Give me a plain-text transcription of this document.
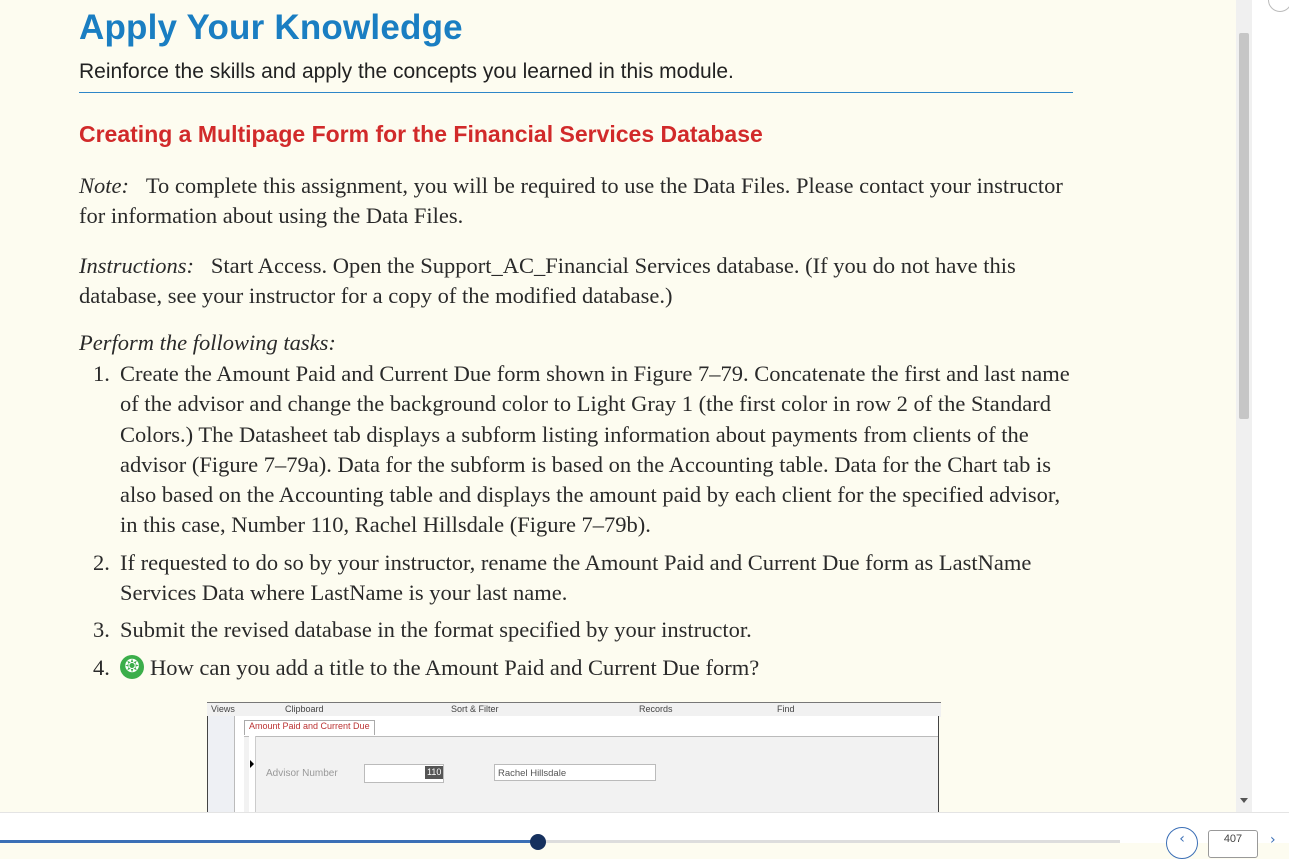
Apply Your Knowledge
Reinforce the skills and apply the concepts you learned in this module.
Creating a Multipage Form for the Financial Services Database
Note: To complete this assignment, you will be required to use the Data Files. Please contact your instructor for information about using the Data Files.
Instructions: Start Access. Open the Support_AC_Financial Services database. (If you do not have this database, see your instructor for a copy of the modified database.)
Perform the following tasks:
1. Create the Amount Paid and Current Due form shown in Figure 7–79. Concatenate the first and last name of the advisor and change the background color to Light Gray 1 (the first color in row 2 of the Standard Colors.) The Datasheet tab displays a subform listing information about payments from clients of the advisor (Figure 7–79a). Data for the subform is based on the Accounting table. Data for the Chart tab is also based on the Accounting table and displays the amount paid by each client for the specified advisor, in this case, Number 110, Rachel Hillsdale (Figure 7–79b).
2. If requested to do so by your instructor, rename the Amount Paid and Current Due form as LastName Services Data where LastName is your last name.
3. Submit the revised database in the format specified by your instructor.
4.
❂ How can you add a title to the Amount Paid and Current Due form?
Views	Clipboard	Sort & Filter	Records	Find
Amount Paid and Current Due
Advisor Number	110	Rachel Hillsdale
‹	407	›
